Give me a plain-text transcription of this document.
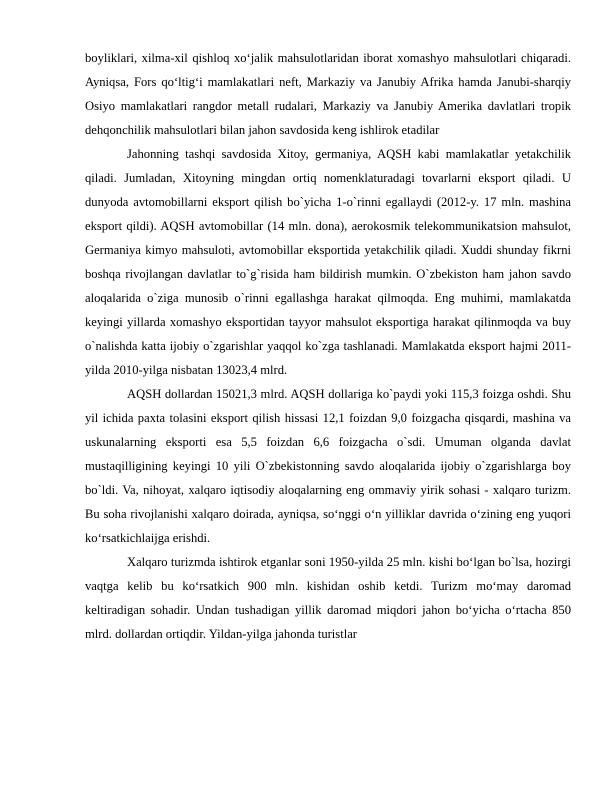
boyliklari, xilma-xil qishloq xo‘jalik mahsulotlaridan iborat xomashyo mahsulotlari chiqaradi. Ayniqsa, Fors qo‘ltig‘i mamlakatlari neft, Markaziy va Janubiy Afrika hamda Janubi-sharqiy Osiyo mamlakatlari rangdor metall rudalari, Markaziy va Janubiy Amerika davlatlari tropik dehqonchilik mahsulotlari bilan jahon savdosida keng ishlirok etadilar

Jahonning tashqi savdosida Xitoy, germaniya, AQSH kabi mamlakatlar yetakchilik qiladi. Jumladan, Xitoyning mingdan ortiq nomenklaturadagi tovarlarni eksport qiladi. U dunyoda avtomobillarni eksport qilish bo`yicha 1-o`rinni egallaydi (2012-y. 17 mln. mashina eksport qildi). AQSH avtomobillar (14 mln. dona), aerokosmik telekommunikatsion mahsulot, Germaniya kimyo mahsuloti, avtomobillar eksportida yetakchilik qiladi. Xuddi shunday fikrni boshqa rivojlangan davlatlar to`g`risida ham bildirish mumkin. O`zbekiston ham jahon savdo aloqalarida o`ziga munosib o`rinni egallashga harakat qilmoqda. Eng muhimi, mamlakatda keyingi yillarda xomashyo eksportidan tayyor mahsulot eksportiga harakat qilinmoqda va buy o`nalishda katta ijobiy o`zgarishlar yaqqol ko`zga tashlanadi. Mamlakatda eksport hajmi 2011-yilda 2010-yilga nisbatan 13023,4 mlrd.

AQSH dollardan 15021,3 mlrd. AQSH dollariga ko`paydi yoki 115,3 foizga oshdi. Shu yil ichida paxta tolasini eksport qilish hissasi 12,1 foizdan 9,0 foizgacha qisqardi, mashina va uskunalarning eksporti esa 5,5 foizdan 6,6 foizgacha o`sdi. Umuman olganda davlat mustaqilligining keyingi 10 yili O`zbekistonning savdo aloqalarida ijobiy o`zgarishlarga boy bo`ldi. Va, nihoyat, xalqaro iqtisodiy aloqalarning eng ommaviy yirik sohasi - xalqaro turizm. Bu soha rivojlanishi xalqaro doirada, ayniqsa, so‘nggi o‘n yilliklar davrida o‘zining eng yuqori ko‘rsatkichlaijga erishdi.

Xalqaro turizmda ishtirok etganlar soni 1950-yilda 25 mln. kishi bo‘lgan bo`lsa, hozirgi vaqtga kelib bu ko‘rsatkich 900 mln. kishidan oshib ketdi. Turizm mo‘may daromad keltiradigan sohadir. Undan tushadigan yillik daromad miqdori jahon bo‘yicha o‘rtacha 850 mlrd. dollardan ortiqdir. Yildan-yilga jahonda turistlar
